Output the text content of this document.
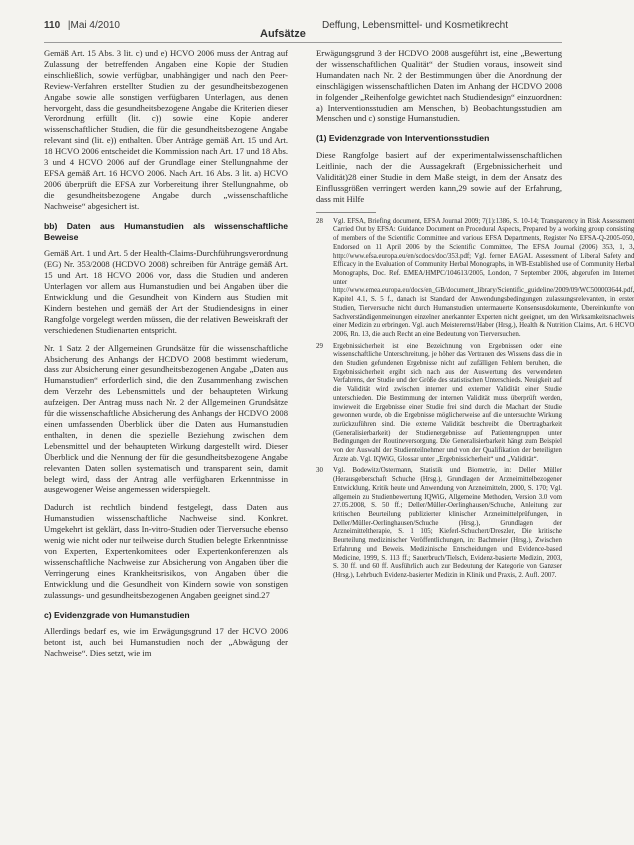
110 |Mai 4/2010
Aufsätze
Deffung, Lebensmittel- und Kosmetikrecht

Gemäß Art. 15 Abs. 3 lit. c) und e) HCVO 2006 muss der Antrag auf Zulassung der betreffenden Angaben eine Kopie der Studien einschließlich, sowie verfügbar, unabhängiger und nach den Peer-Review-Verfahren erstellter Studien zu der gesundheitsbezogenen Angabe sowie alle sonstigen verfügbaren Unterlagen, aus denen hervorgeht, dass die gesundheitsbezogene Angabe die Kriterien dieser Verordnung erfüllt (lit. c)) sowie eine Kopie anderer wissenschaftlicher Studien, die für die gesundheitsbezogene Angabe relevant sind (lit. e)) enthalten. Über Anträge gemäß Art. 15 und Art. 18 HCVO 2006 entscheidet die Kommission nach Art. 17 und 18 Abs. 3 und 4 HCVO 2006 auf der Grundlage einer Stellungnahme der EFSA gemäß Art. 16 HCVO 2006. Nach Art. 16 Abs. 3 lit. a) HCVO 2006 überprüft die EFSA zur Vorbereitung ihrer Stellungnahme, ob die gesundheitsbezogene Angabe durch „wissenschaftliche Nachweise“ abgesichert ist.

bb) Daten aus Humanstudien als wissenschaftliche Beweise

Gemäß Art. 1 und Art. 5 der Health-Claims-Durchführungsverordnung (EG) Nr. 353/2008 (HCDVO 2008) schreiben für Anträge gemäß Art. 15 und Art. 18 HCVO 2006 vor, dass die Studien und anderen Unterlagen vor allem aus Humanstudien und bei Angaben über die Entwicklung und die Gesundheit von Kindern aus Studien mit Kindern bestehen und gemäß der Art der Studiendesigns in einer Rangfolge vorgelegt werden müssen, die der relativen Beweiskraft der verschiedenen Studienarten entspricht.

Nr. 1 Satz 2 der Allgemeinen Grundsätze für die wissenschaftliche Absicherung des Anhangs der HCDVO 2008 bestimmt wiederum, dass zur Absicherung einer gesundheitsbezogenen Angabe „Daten aus Humanstudien“ erforderlich sind, die den Zusammenhang zwischen dem Verzehr des Lebensmittels und der behaupteten Wirkung aufzeigen. Der Antrag muss nach Nr. 2 der Allgemeinen Grundsätze für die wissenschaftliche Absicherung des Anhangs der HCDVO 2008 einen umfassenden Überblick über die Daten aus Humanstudien enthalten, in denen die spezielle Beziehung zwischen dem Lebensmittel und der behaupteten Wirkung dargestellt wird. Dieser Überblick und die Nennung der für die gesundheitsbezogene Angabe relevanten Daten sollen systematisch und transparent sein, damit belegt wird, dass der Antrag alle verfügbaren Erkenntnisse in ausgewogener Weise angemessen widerspiegelt.

Dadurch ist rechtlich bindend festgelegt, dass Daten aus Humanstudien wissenschaftliche Nachweise sind. Konkret. Umgekehrt ist geklärt, dass In-vitro-Studien oder Tierversuche ebenso wenig wie nicht oder nur teilweise durch Studien belegte Erkenntnisse von Experten, Expertenkomitees oder Expertenkonferenzen als wissenschaftliche Nachweise zur Absicherung von Angaben über die Verringerung eines Krankheitsrisikos, von Angaben über die Entwicklung und die Gesundheit von Kindern sowie von sonstigen zulassungs- und gesundheitsbezogenen Angaben geeignet sind.27

c) Evidenzgrade von Humanstudien

Allerdings bedarf es, wie im Erwägungsgrund 17 der HCVO 2006 betont ist, auch bei Humanstudien noch der „Abwägung der Nachweise“. Dies setzt, wie im

Erwägungsgrund 3 der HCDVO 2008 ausgeführt ist, eine „Bewertung der wissenschaftlichen Qualität“ der Studien voraus, insoweit sind Humandaten nach Nr. 2 der Bestimmungen über die Anordnung der einschlägigen wissenschaftlichen Daten im Anhang der HCDVO 2008 in folgender „Reihenfolge gewichtet nach Studiendesign“ einzuordnen: a) Interventionsstudien am Menschen, b) Beobachtungsstudien am Menschen und c) sonstige Humanstudien.

(1) Evidenzgrade von Interventionsstudien

Diese Rangfolge basiert auf der experimentalwissenschaftlichen Leitlinie, nach der die Aussagekraft (Ergebnissicherheit und Validität)28 einer Studie in dem Maße steigt, in dem der Ansatz des Einflussgrößen verringert werden kann,29 sowie auf der Erfahrung, dass mit Hilfe

28	Vgl. EFSA, Briefing document, EFSA Journal 2009; 7(1):1386, S. 10-14; Transparency in Risk Assessment Carried Out by EFSA: Guidance Document on Procedural Aspects, Prepared by a working group consisting of members of the Scientific Committee and various EFSA Departments, Register No EFSA-Q-2005-050, Endorsed on 11 April 2006 by the Scientific Committee, The EFSA Journal (2006) 353, 1, 3, http://www.efsa.europa.eu/en/scdocs/doc/353.pdf; Vgl. ferner EAGAL Assessment of Liberal Safety and Efficacy in the Evaluation of Community Herbal Monographs, in WB-Established use of Community Herbal Monographs, Doc. Ref. EMEA/HMPC/104613/2005, London, 7 September 2006, abgerufen im Internet unter http://www.emea.europa.eu/docs/en_GB/document_library/Scientific_guideline/2009/09/WC500003644.pdf, Kapitel 4.1, S. 5 f., danach ist Standard der Anwendungsbedingungen zulassungsrelevanten, in erster Studien, Tierversuche nicht durch Humanstudien untermauerte Konsensusdokumente, Übereinkunfte von Sachverständigenmeinungen einzelner anerkannter Experten nicht geeignet, um den Wirksamkeitsnachweis einer Medizin zu erbringen. Vgl. auch Meisterernst/Haber (Hrsg.), Health & Nutrition Claims, Art. 6 HCVO 2006, Rn. 13, die auch Recht an eine Bedeutung von Tierversuchen.
29	Ergebnissicherheit ist eine Bezeichnung von Ergebnissen oder eine wissenschaftliche Unterschreitung, je höher das Vertrauen des Wissens dass die in den Studien gefundenen Ergebnisse nicht auf zufälligen Fehlern beruhen, die Ergebnissicherheit ergibt sich nach aus der Auswertung des verwendeten Verfahrens, der Studie und der Größe des statistischen Unterschieds. Neuigkeit auf die Validität wird zwischen interner und externer Validität einer Studie unterschieden. Die Bestimmung der internen Validität muss überprüft werden, inwieweit die Ergebnisse einer Studie frei sind durch die Machart der Studie gewonnen wurde, ob die Ergebnisse möglicherweise auf die untersuchte Wirkung zurückzuführen sind. Die externe Validität beschreibt die Übertragbarkeit (Generalisierbarkeit) der Studienergebnisse auf Patientengruppen unter Bedingungen der Routineversorgung. Die Generalisierbarkeit hängt zum Beispiel von der Auswahl der Studienteilnehmer und von der Qualifikation der beteiligten Ärzte ab. Vgl. IQWiG, Glossar unter „Ergebnissicherheit“ und „Validität“.
30	Vgl. Bodewitz/Ostermann, Statistik und Biometrie, in: Deller Müller (Herausgeberschaft Schuche (Hrsg.), Grundlagen der Arzneimittelbezogener Entwicklung, Kritik heute und Anwendung von Arzneimitteln, 2000, S. 170; Vgl. allgemein zu Studienbewertung IQWiG, Allgemeine Methoden, Version 3.0 vom 27.05.2008, S. 50 ff.; Deller/Müller-Oerlinghausen/Schuche, Anleitung zur kritischen Beurteilung publizierter klinischer Arzneimittelprüfungen, in Deller/Müller-Oerlinghausen/Schuche (Hrsg.), Grundlagen der Arzneimitteltherapie, S. 1 105; Kieferl-Schuchert/Dreszler, Die kritische Beurteilung medizinischer Veröffentlichungen, in: Bachmeier (Hrsg.), Zwischen Erfahrung und Beweis. Medizinische Entscheidungen und Evidence-based Medicine, 1999, S. 113 ff.; Sauerbruch/Tielsch, Evidenz-basierte Medizin, 2003, S. 30 ff. und 60 ff. Ausführlich auch zur Bedeutung der Kategorie von Ganzser (Hrsg.), Lehrbuch Evidenz-basierter Medizin in Klinik und Praxis, 2. Aufl. 2007.
